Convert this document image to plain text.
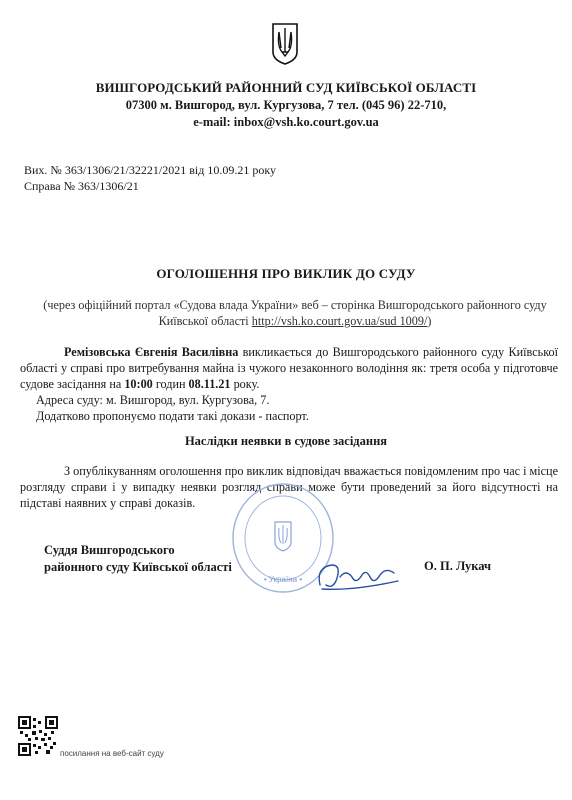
ВИШГОРОДСЬКИЙ РАЙОННИЙ СУД КИЇВСЬКОЇ ОБЛАСТІ
07300 м. Вишгород, вул. Кургузова, 7 тел. (045 96) 22-710,
e-mail: inbox@vsh.ko.court.gov.ua
Вих. № 363/1306/21/32221/2021 від 10.09.21 року
Справа № 363/1306/21
ОГОЛОШЕННЯ ПРО ВИКЛИК ДО СУДУ
(через офіційний портал «Судова влада України» веб – сторінка Вишгородського районного суду Київської області http://vsh.ko.court.gov.ua/sud 1009/)
Ремізовська Євгенія Василівна викликається до Вишгородського районного суду Київської області у справі про витребування майна із чужого незаконного володіння як: третя особа у підготовче судове засідання на 10:00 годин 08.11.21 року.
Адреса суду: м. Вишгород, вул. Кургузова, 7.
Додатково пропонуємо подати такі докази - паспорт.
Наслідки неявки в судове засідання
З опублікуванням оголошення про виклик відповідач вважається повідомленим про час і місце розгляду справи і у випадку неявки розгляд справи може бути проведений за його відсутності на підставі наявних у справі доказів.
• Україна •
Суддя Вишгородського
районного суду Київської області	О. П. Лукач
посилання на веб-сайт суду
